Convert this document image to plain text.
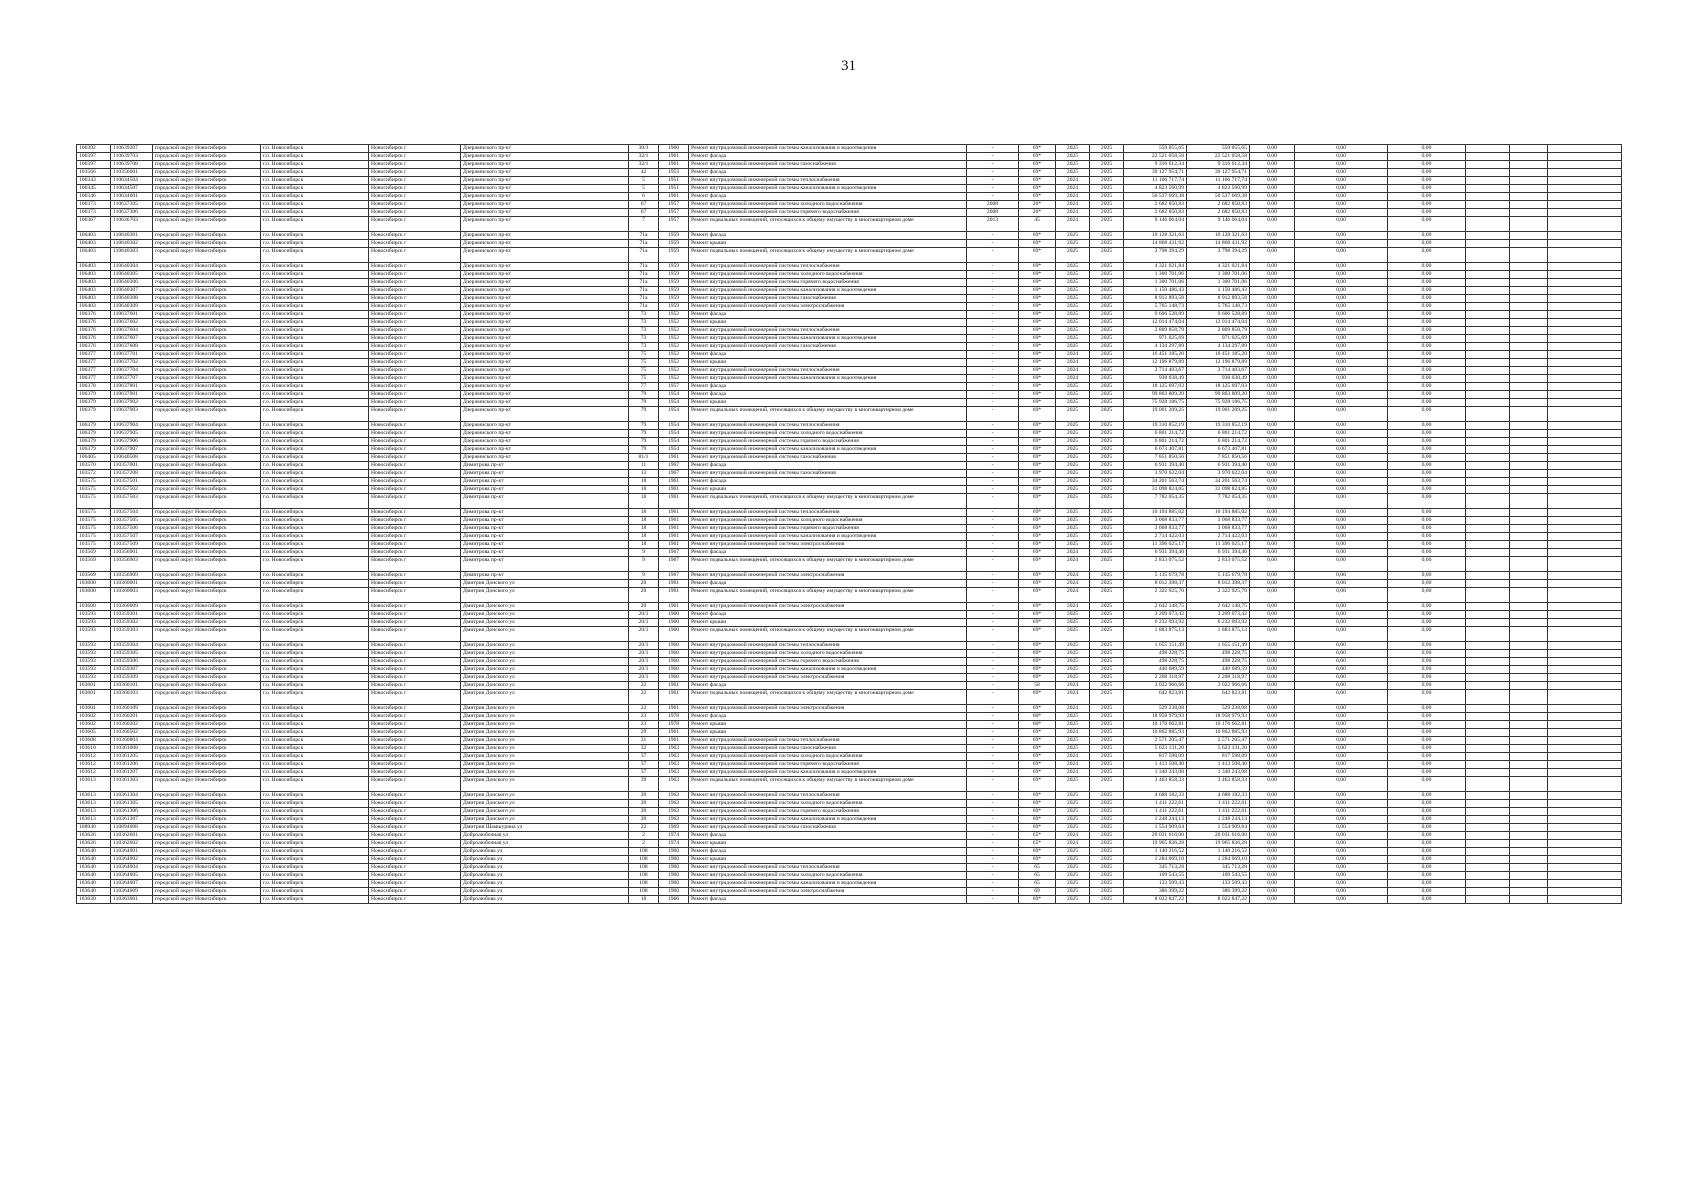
31
106392	110639207	городской округ Новосибирск	г.о. Новосибирск	Новосибирск г	Дзержинского пр-кт	30/3	1960	Ремонт внутридомовой инженерной системы канализования и водоотведения	-	69*	2025	2025	559 055,65	559 055,65	0,00	0,00	0,00			
106397	110639703	городской округ Новосибирск	г.о. Новосибирск	Новосибирск г	Дзержинского пр-кт	32/1	1961	Ремонт фасада	-	69*	2025	2025	22 521 058,58	22 521 058,58	0,00	0,00	0,00			
106397	110639708	городской округ Новосибирск	г.о. Новосибирск	Новосибирск г	Дзержинского пр-кт	32/1	1961	Ремонт внутридомовой инженерной системы газоснабжения	-	69*	2025	2025	9 316 612,34	9 316 612,34	0,00	0,00	0,00			
103566	110356601	городской округ Новосибирск	г.о. Новосибирск	Новосибирск г	Дзержинского пр-кт	42	1953	Ремонт фасада	-	69*	2025	2025	39 127 954,71	39 127 954,71	0,00	0,00	0,00			
106343	110634504	городской округ Новосибирск	г.о. Новосибирск	Новосибирск г	Дзержинского пр-кт	5	1951	Ремонт внутридомовой инженерной системы теплоснабжения	-	69*	2024	2025	11 106 717,74	11 106 717,74	0,00	0,00	0,00			
106345	110634507	городской округ Новосибирск	г.о. Новосибирск	Новосибирск г	Дзержинского пр-кт	5	1951	Ремонт внутридомовой инженерной системы канализования и водоотведения	-	69*	2024	2025	4 823 560,99	4 823 560,99	0,00	0,00	0,00			
106346	110634601	городской округ Новосибирск	г.о. Новосибирск	Новосибирск г	Дзержинского пр-кт	6	1961	Ремонт фасада	-	69*	2024	2025	50 537 669,38	50 537 669,38	0,00	0,00	0,00			
106373	110637305	городской округ Новосибирск	г.о. Новосибирск	Новосибирск г	Дзержинского пр-кт	67	1957	Ремонт внутридомовой инженерной системы холодного водоснабжения	2008	20*	2024	2025	2 682 850,83	2 682 850,83	0,00	0,00	0,00			
106373	110637306	городской округ Новосибирск	г.о. Новосибирск	Новосибирск г	Дзержинского пр-кт	67	1957	Ремонт внутридомовой инженерной системы горячего водоснабжения	2008	20*	2024	2025	2 682 850,83	2 682 850,83	0,00	0,00	0,00			
106367	110636703	городской округ Новосибирск	г.о. Новосибирск	Новосибирск г	Дзержинского пр-кт	7	1957	Ремонт подвальных помещений, относящихся к общему имуществу в многоквартирном доме	2013	45	2024	2025	9 146 064,04	9 146 064,04	0,00	0,00	0,00			
106403	110640301	городской округ Новосибирск	г.о. Новосибирск	Новосибирск г	Дзержинского пр-кт	71а	1959	Ремонт фасада	-	69*	2025	2025	10 128 321,63	10 128 321,63	0,00	0,00	0,00			
106403	110640302	городской округ Новосибирск	г.о. Новосибирск	Новосибирск г	Дзержинского пр-кт	71а	1959	Ремонт крыши	-	69*	2025	2025	14 868 431,92	14 868 431,92	0,00	0,00	0,00			
106403	110640303	городской округ Новосибирск	г.о. Новосибирск	Новосибирск г	Дзержинского пр-кт	71а	1959	Ремонт подвальных помещений, относящихся к общему имуществу в многоквартирном доме	-	69*	2025	2025	3 798 394,29	3 798 394,29	0,00	0,00	0,00			
106403	110640304	городской округ Новосибирск	г.о. Новосибирск	Новосибирск г	Дзержинского пр-кт	71а	1959	Ремонт внутридомовой инженерной системы теплоснабжения	-	69*	2025	2025	4 321 021,84	4 321 021,84	0,00	0,00	0,00			
106403	110640305	городской округ Новосибирск	г.о. Новосибирск	Новосибирск г	Дзержинского пр-кт	71а	1959	Ремонт внутридомовой инженерной системы холодного водоснабжения	-	69*	2025	2025	1 300 701,06	1 300 701,06	0,00	0,00	0,00			
106403	110640306	городской округ Новосибирск	г.о. Новосибирск	Новосибирск г	Дзержинского пр-кт	71а	1959	Ремонт внутридомовой инженерной системы горячего водоснабжения	-	69*	2025	2025	1 300 701,06	1 300 701,06	0,00	0,00	0,00			
106403	110640307	городской округ Новосибирск	г.о. Новосибирск	Новосибирск г	Дзержинского пр-кт	71а	1959	Ремонт внутридомовой инженерной системы канализования и водоотведения	-	69*	2025	2025	1 150 486,43	1 150 486,43	0,00	0,00	0,00			
106403	110640308	городской округ Новосибирск	г.о. Новосибирск	Новосибирск г	Дзержинского пр-кт	71а	1959	Ремонт внутридомовой инженерной системы газоснабжения	-	69*	2025	2025	8 912 893,58	8 912 893,58	0,00	0,00	0,00			
106403	110640309	городской округ Новосибирск	г.о. Новосибирск	Новосибирск г	Дзержинского пр-кт	71а	1959	Ремонт внутридомовой инженерной системы электроснабжения	-	69*	2025	2025	5 765 148,73	5 765 148,73	0,00	0,00	0,00			
106376	110637601	городской округ Новосибирск	г.о. Новосибирск	Новосибирск г	Дзержинского пр-кт	73	1952	Ремонт фасада	-	69*	2025	2025	9 606 528,89	9 606 528,89	0,00	0,00	0,00			
106376	110637602	городской округ Новосибирск	г.о. Новосибирск	Новосибирск г	Дзержинского пр-кт	73	1952	Ремонт крыши	-	69*	2025	2025	12 014 474,04	12 014 474,04	0,00	0,00	0,00			
106376	110637604	городской округ Новосибирск	г.о. Новосибирск	Новосибирск г	Дзержинского пр-кт	73	1952	Ремонт внутридомовой инженерной системы теплоснабжения	-	69*	2025	2025	2 809 858,79	2 809 858,79	0,00	0,00	0,00			
106376	110637607	городской округ Новосибирск	г.о. Новосибирск	Новосибирск г	Дзержинского пр-кт	73	1952	Ремонт внутридомовой инженерной системы канализования и водоотведения	-	69*	2025	2025	971 025,69	971 025,69	0,00	0,00	0,00			
106376	110637608	городской округ Новосибирск	г.о. Новосибирск	Новосибирск г	Дзержинского пр-кт	73	1952	Ремонт внутридомовой инженерной системы газоснабжения	-	69*	2025	2025	4 134 297,89	4 134 297,89	0,00	0,00	0,00			
106377	110637701	городской округ Новосибирск	г.о. Новосибирск	Новосибирск г	Дзержинского пр-кт	75	1952	Ремонт фасада	-	69*	2024	2025	16 451 185,20	16 451 185,20	0,00	0,00	0,00			
106377	110637702	городской округ Новосибирск	г.о. Новосибирск	Новосибирск г	Дзержинского пр-кт	75	1952	Ремонт крыши	-	69*	2024	2025	12 196 879,89	12 196 879,89	0,00	0,00	0,00			
106377	110637704	городской округ Новосибирск	г.о. Новосибирск	Новосибирск г	Дзержинского пр-кт	75	1952	Ремонт внутридомовой инженерной системы теплоснабжения	-	69*	2024	2025	2 714 403,67	2 714 403,67	0,00	0,00	0,00			
106377	110637707	городской округ Новосибирск	г.о. Новосибирск	Новосибирск г	Дзержинского пр-кт	75	1952	Ремонт внутридомовой инженерной системы канализования и водоотведения	-	69*	2024	2025	938 038,49	938 038,49	0,00	0,00	0,00			
106378	110637801	городской округ Новосибирск	г.о. Новосибирск	Новосибирск г	Дзержинского пр-кт	77	1957	Ремонт фасада	-	69*	2025	2025	18 125 697,03	18 125 697,03	0,00	0,00	0,00			
106379	110637901	городской округ Новосибирск	г.о. Новосибирск	Новосибирск г	Дзержинского пр-кт	79	1954	Ремонт фасада	-	69*	2025	2025	99 803 809,20	99 803 809,20	0,00	0,00	0,00			
106379	110637902	городской округ Новосибирск	г.о. Новосибирск	Новосибирск г	Дзержинского пр-кт	79	1954	Ремонт крыши	-	69*	2025	2025	75 928 186,75	75 928 186,75	0,00	0,00	0,00			
106379	110637903	городской округ Новосибирск	г.о. Новосибирск	Новосибирск г	Дзержинского пр-кт	79	1954	Ремонт подвальных помещений, относящихся к общему имуществу в многоквартирном доме	-	69*	2025	2025	19 001 209,25	19 001 209,25	0,00	0,00	0,00			
106379	110637904	городской округ Новосибирск	г.о. Новосибирск	Новосибирск г	Дзержинского пр-кт	79	1954	Ремонт внутридомовой инженерной системы теплоснабжения	-	69*	2025	2025	19 310 852,19	19 310 852,19	0,00	0,00	0,00			
106379	110637905	городской округ Новосибирск	г.о. Новосибирск	Новосибирск г	Дзержинского пр-кт	79	1954	Ремонт внутридомовой инженерной системы холодного водоснабжения	-	69*	2025	2025	6 801 214,72	6 801 214,72	0,00	0,00	0,00			
106379	110637906	городской округ Новосибирск	г.о. Новосибирск	Новосибирск г	Дзержинского пр-кт	79	1954	Ремонт внутридомовой инженерной системы горячего водоснабжения	-	69*	2025	2025	6 801 214,72	6 801 214,72	0,00	0,00	0,00			
106379	110637907	городской округ Новосибирск	г.о. Новосибирск	Новосибирск г	Дзержинского пр-кт	79	1954	Ремонт внутридомовой инженерной системы канализования и водоотведения	-	69*	2025	2025	6 673 407,81	6 673 407,81	0,00	0,00	0,00			
106405	110640508	городской округ Новосибирск	г.о. Новосибирск	Новосибирск г	Дзержинского пр-кт	81/1	1961	Ремонт внутридомовой инженерной системы газоснабжения	-	69*	2025	2025	7 851 850,56	7 851 850,56	0,00	0,00	0,00			
103570	110357001	городской округ Новосибирск	г.о. Новосибирск	Новосибирск г	Димитрова пр-кт	11	1967	Ремонт фасада	-	69*	2025	2025	6 931 394,40	6 931 394,40	0,00	0,00	0,00			
103572	110357208	городской округ Новосибирск	г.о. Новосибирск	Новосибирск г	Димитрова пр-кт	13	1967	Ремонт внутридомовой инженерной системы газоснабжения	-	69*	2025	2025	3 970 622,04	3 970 622,04	0,00	0,00	0,00			
103575	110357501	городской округ Новосибирск	г.о. Новосибирск	Новосибирск г	Димитрова пр-кт	18	1961	Ремонт фасада	-	69*	2025	2025	34 201 563,74	34 201 563,74	0,00	0,00	0,00			
103575	110357502	городской округ Новосибирск	г.о. Новосибирск	Новосибирск г	Димитрова пр-кт	18	1961	Ремонт крыши	-	69*	2025	2025	31 098 824,85	31 098 824,85	0,00	0,00	0,00			
103575	110357503	городской округ Новосибирск	г.о. Новосибирск	Новосибирск г	Димитрова пр-кт	18	1961	Ремонт подвальных помещений, относящихся к общему имуществу в многоквартирном доме	-	69*	2025	2025	7 782 054,35	7 782 054,35	0,00	0,00	0,00			
103575	110357504	городской округ Новосибирск	г.о. Новосибирск	Новосибирск г	Димитрова пр-кт	18	1961	Ремонт внутридомовой инженерной системы теплоснабжения	-	69*	2025	2025	10 194 885,02	10 194 885,02	0,00	0,00	0,00			
103575	110357505	городской округ Новосибирск	г.о. Новосибирск	Новосибирск г	Димитрова пр-кт	18	1961	Ремонт внутридомовой инженерной системы холодного водоснабжения	-	69*	2025	2025	3 068 833,77	3 068 833,77	0,00	0,00	0,00			
103575	110357506	городской округ Новосибирск	г.о. Новосибирск	Новосибирск г	Димитрова пр-кт	18	1961	Ремонт внутридомовой инженерной системы горячего водоснабжения	-	69*	2025	2025	3 068 833,77	3 068 833,77	0,00	0,00	0,00			
103575	110357507	городской округ Новосибирск	г.о. Новосибирск	Новосибирск г	Димитрова пр-кт	18	1961	Ремонт внутридомовой инженерной системы канализования и водоотведения	-	69*	2025	2025	2 714 422,03	2 714 422,03	0,00	0,00	0,00			
103575	110357509	городской округ Новосибирск	г.о. Новосибирск	Новосибирск г	Димитрова пр-кт	18	1961	Ремонт внутридомовой инженерной системы электроснабжения	-	69*	2025	2025	11 396 025,17	11 396 025,17	0,00	0,00	0,00			
103569	110356901	городской округ Новосибирск	г.о. Новосибирск	Новосибирск г	Димитрова пр-кт	9	1967	Ремонт фасада	-	69*	2024	2025	6 931 394,40	6 931 394,40	0,00	0,00	0,00			
103569	110356903	городской округ Новосибирск	г.о. Новосибирск	Новосибирск г	Димитрова пр-кт	9	1967	Ремонт подвальных помещений, относящихся к общему имуществу в многоквартирном доме	-	69*	2024	2025	2 833 075,52	2 833 075,52	0,00	0,00	0,00			
103569	110356909	городской округ Новосибирск	г.о. Новосибирск	Новосибирск г	Димитрова пр-кт	9	1967	Ремонт внутридомовой инженерной системы электроснабжения	-	69*	2024	2025	5 135 679,78	5 135 679,78	0,00	0,00	0,00			
103600	110360001	городской округ Новосибирск	г.о. Новосибирск	Новосибирск г	Дмитрия Донского ул	20	1961	Ремонт фасада	-	69*	2024	2025	8 012 398,37	8 012 398,37	0,00	0,00	0,00			
103600	110360003	городской округ Новосибирск	г.о. Новосибирск	Новосибирск г	Дмитрия Донского ул	20	1961	Ремонт подвальных помещений, относящихся к общему имуществу в многоквартирном доме	-	69*	2024	2025	2 322 925,70	2 322 925,70	0,00	0,00	0,00			
103600	110360009	городской округ Новосибирск	г.о. Новосибирск	Новосибирск г	Дмитрия Донского ул	20	1961	Ремонт внутридомовой инженерной системы электроснабжения	-	69*	2024	2025	2 642 148,75	2 642 148,75	0,00	0,00	0,00			
103593	110359301	городской округ Новосибирск	г.о. Новосибирск	Новосибирск г	Дмитрия Донского ул	20/1	1960	Ремонт фасада	-	69*	2025	2025	3 209 073,42	3 209 073,42	0,00	0,00	0,00			
103593	110359302	городской округ Новосибирск	г.о. Новосибирск	Новосибирск г	Дмитрия Донского ул	20/1	1960	Ремонт крыши	-	69*	2025	2025	6 232 093,92	6 232 093,92	0,00	0,00	0,00			
103593	110359303	городской округ Новосибирск	г.о. Новосибирск	Новосибирск г	Дмитрия Донского ул	20/1	1960	Ремонт подвальных помещений, относящихся к общему имуществу в многоквартирном доме	-	69*	2025	2025	1 883 875,13	1 883 875,13	0,00	0,00	0,00			
103593	110359304	городской округ Новосибирск	г.о. Новосибирск	Новосибирск г	Дмитрия Донского ул	20/1	1960	Ремонт внутридомовой инженерной системы теплоснабжения	-	69*	2025	2025	1 655 151,49	1 655 151,49	0,00	0,00	0,00			
103593	110359305	городской округ Новосибирск	г.о. Новосибирск	Новосибирск г	Дмитрия Донского ул	20/1	1960	Ремонт внутридомовой инженерной системы холодного водоснабжения	-	69*	2025	2025	498 228,75	498 228,75	0,00	0,00	0,00			
103593	110359306	городской округ Новосибирск	г.о. Новосибирск	Новосибирск г	Дмитрия Донского ул	20/1	1960	Ремонт внутридомовой инженерной системы горячего водоснабжения	-	69*	2025	2025	498 228,75	498 228,75	0,00	0,00	0,00			
103593	110359307	городской округ Новосибирск	г.о. Новосибирск	Новосибирск г	Дмитрия Донского ул	20/1	1960	Ремонт внутридомовой инженерной системы канализования и водоотведения	-	69*	2025	2025	440 689,59	440 689,59	0,00	0,00	0,00			
103593	110359309	городской округ Новосибирск	г.о. Новосибирск	Новосибирск г	Дмитрия Донского ул	20/1	1960	Ремонт внутридомовой инженерной системы электроснабжения	-	69*	2025	2025	2 208 318,97	2 208 318,97	0,00	0,00	0,00			
103601	110360101	городской округ Новосибирск	г.о. Новосибирск	Новосибирск г	Дмитрия Донского ул	22	1961	Ремонт фасада	-	58	2024	2025	3 022 966,66	3 022 966,66	0,00	0,00	0,00			
103601	110360103	городской округ Новосибирск	г.о. Новосибирск	Новосибирск г	Дмитрия Донского ул	22	1961	Ремонт подвальных помещений, относящихся к общему имуществу в многоквартирном доме	-	69*	2024	2025	642 823,81	642 823,81	0,00	0,00	0,00			
103601	110360109	городской округ Новосибирск	г.о. Новосибирск	Новосибирск г	Дмитрия Донского ул	22	1961	Ремонт внутридомовой инженерной системы электроснабжения	-	69*	2024	2025	529 238,08	529 238,08	0,00	0,00	0,00			
103602	110360201	городской округ Новосибирск	г.о. Новосибирск	Новосибирск г	Дмитрия Донского ул	23	1978	Ремонт фасада	-	60*	2025	2025	18 958 979,93	18 958 979,93	0,00	0,00	0,00			
103602	110360202	городской округ Новосибирск	г.о. Новосибирск	Новосибирск г	Дмитрия Донского ул	23	1978	Ремонт крыши	-	60*	2025	2025	10 176 662,81	10 176 662,81	0,00	0,00	0,00			
103605	110360502	городской округ Новосибирск	г.о. Новосибирск	Новосибирск г	Дмитрия Донского ул	29	1961	Ремонт крыши	-	69*	2024	2025	10 862 885,93	10 862 885,93	0,00	0,00	0,00			
103608	110360804	городской округ Новосибирск	г.о. Новосибирск	Новосибирск г	Дмитрия Донского ул	31	1961	Ремонт внутридомовой инженерной системы теплоснабжения	-	69*	2025	2025	2 571 205,47	2 571 205,47	0,00	0,00	0,00			
103610	110361008	городской округ Новосибирск	г.о. Новосибирск	Новосибирск г	Дмитрия Донского ул	32	1963	Ремонт внутридомовой инженерной системы газоснабжения	-	69*	2025	2025	5 623 131,20	5 623 131,20	0,00	0,00	0,00			
103612	110361205	городской округ Новосибирск	г.о. Новосибирск	Новосибирск г	Дмитрия Донского ул	37	1963	Ремонт внутридомовой инженерной системы холодного водоснабжения	-	69*	2024	2025	817 598,09	817 598,09	0,00	0,00	0,00			
103612	110361206	городской округ Новосибирск	г.о. Новосибирск	Новосибирск г	Дмитрия Донского ул	37	1963	Ремонт внутридомовой инженерной системы горячего водоснабжения	-	69*	2024	2025	1 413 508,40	1 413 508,40	0,00	0,00	0,00			
103612	110361207	городской округ Новосибирск	г.о. Новосибирск	Новосибирск г	Дмитрия Донского ул	37	1963	Ремонт внутридомовой инженерной системы канализования и водоотведения	-	69*	2024	2025	1 340 243,08	1 340 243,08	0,00	0,00	0,00			
103613	110361303	городской округ Новосибирск	г.о. Новосибирск	Новосибирск г	Дмитрия Донского ул	39	1963	Ремонт подвальных помещений, относящихся к общему имуществу в многоквартирном доме	-	69*	2025	2025	3 463 858,33	3 463 858,33	0,00	0,00	0,00			
103613	110361304	городской округ Новосибирск	г.о. Новосибирск	Новосибирск г	Дмитрия Донского ул	39	1963	Ремонт внутридомовой инженерной системы теплоснабжения	-	69*	2025	2025	4 688 182,33	4 688 182,33	0,00	0,00	0,00			
103613	110361305	городской округ Новосибирск	г.о. Новосибирск	Новосибирск г	Дмитрия Донского ул	39	1963	Ремонт внутридомовой инженерной системы холодного водоснабжения	-	69*	2025	2025	1 411 222,61	1 411 222,61	0,00	0,00	0,00			
103613	110361306	городской округ Новосибирск	г.о. Новосибирск	Новосибирск г	Дмитрия Донского ул	39	1963	Ремонт внутридомовой инженерной системы горячего водоснабжения	-	69*	2025	2025	1 411 222,61	1 411 222,61	0,00	0,00	0,00			
103613	110361307	городской округ Новосибирск	г.о. Новосибирск	Новосибирск г	Дмитрия Донского ул	39	1963	Ремонт внутридомовой инженерной системы канализования и водоотведения	-	69*	2025	2025	1 248 244,13	1 248 244,13	0,00	0,00	0,00			
108940	110894008	городской округ Новосибирск	г.о. Новосибирск	Новосибирск г	Дмитрия Шамшурина ул	22	1969	Ремонт внутридомовой инженерной системы газоснабжения	-	69*	2025	2025	1 554 909,64	1 554 909,64	0,00	0,00	0,00			
103626	110362601	городской округ Новосибирск	г.о. Новосибирск	Новосибирск г	Добролюбочная ул	2	1974	Ремонт фасада	-	65*	2024	2025	20 031 616,00	20 031 616,00	0,00	0,00	0,00			
103626	110362602	городской округ Новосибирск	г.о. Новосибирск	Новосибирск г	Добролюбочная ул	2	1974	Ремонт крыши	-	65*	2024	2025	19 965 836,28	19 965 836,28	0,00	0,00	0,00			
103640	110364001	городской округ Новосибирск	г.о. Новосибирск	Новосибирск г	Добролюбова ул	108	1960	Ремонт фасада	-	69*	2025	2025	1 140 216,52	1 140 216,52	0,00	0,00	0,00			
103640	110364002	городской округ Новосибирск	г.о. Новосибирск	Новосибирск г	Добролюбова ул	108	1960	Ремонт крыши	-	69*	2025	2025	1 284 069,10	1 284 069,10	0,00	0,00	0,00			
103640	110364004	городской округ Новосибирск	г.о. Новосибирск	Новосибирск г	Добролюбова ул	108	1960	Ремонт внутридомовой инженерной системы теплоснабжения	-	65	2025	2025	345 713,28	345 713,28	0,00	0,00	0,00			
103640	110364005	городской округ Новосибирск	г.о. Новосибирск	Новосибирск г	Добролюбова ул	108	1960	Ремонт внутридомовой инженерной системы холодного водоснабжения	-	65	2025	2025	109 543,55	109 543,55	0,00	0,00	0,00			
103640	110364007	городской округ Новосибирск	г.о. Новосибирск	Новосибирск г	Добролюбова ул	108	1960	Ремонт внутридомовой инженерной системы канализования и водоотведения	-	65	2025	2025	133 509,43	133 509,43	0,00	0,00	0,00			
103640	110364009	городской округ Новосибирск	г.о. Новосибирск	Новосибирск г	Добролюбова ул	108	1960	Ремонт внутридомовой инженерной системы электроснабжения	-	69	2025	2025	386 399,22	386 399,22	0,00	0,00	0,00			
103630	110363001	городской округ Новосибирск	г.о. Новосибирск	Новосибирск г	Добролюбова ул	18	1966	Ремонт фасада	-	69*	2025	2025	8 022 847,22	8 022 847,22	0,00	0,00	0,00			
